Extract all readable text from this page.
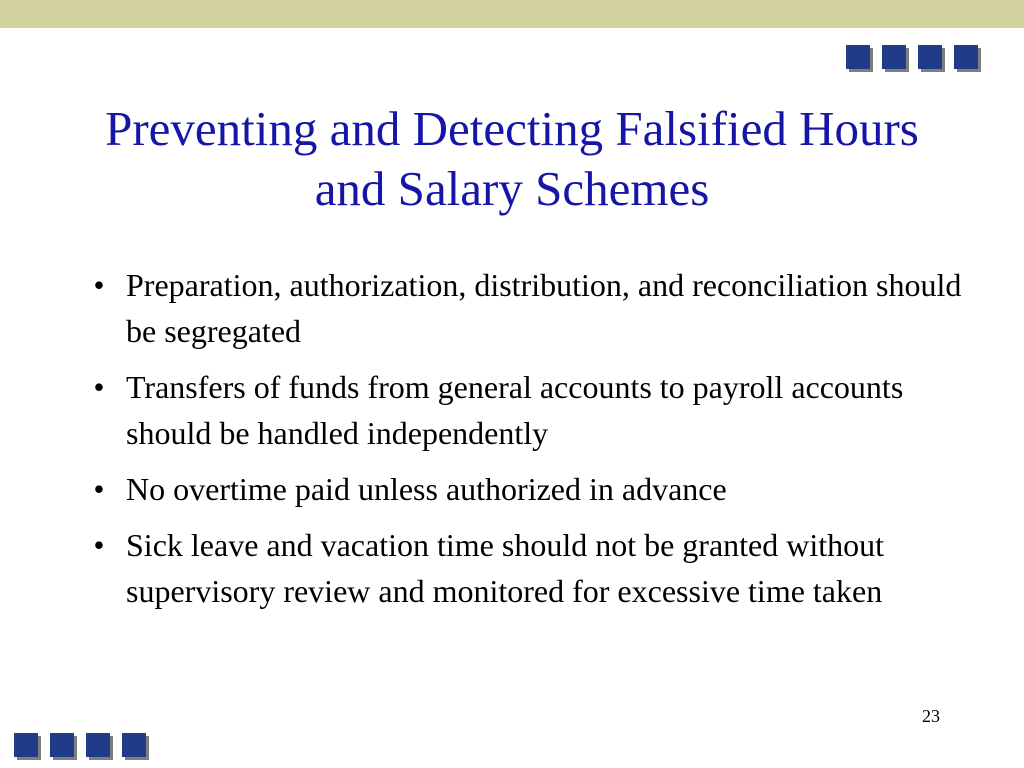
Preventing and Detecting Falsified Hours and Salary Schemes
• Preparation, authorization, distribution, and reconciliation should be segregated
• Transfers of funds from general accounts to payroll accounts should be handled independently
• No overtime paid unless authorized in advance
• Sick leave and vacation time should not be granted without supervisory review and monitored for excessive time taken
23
